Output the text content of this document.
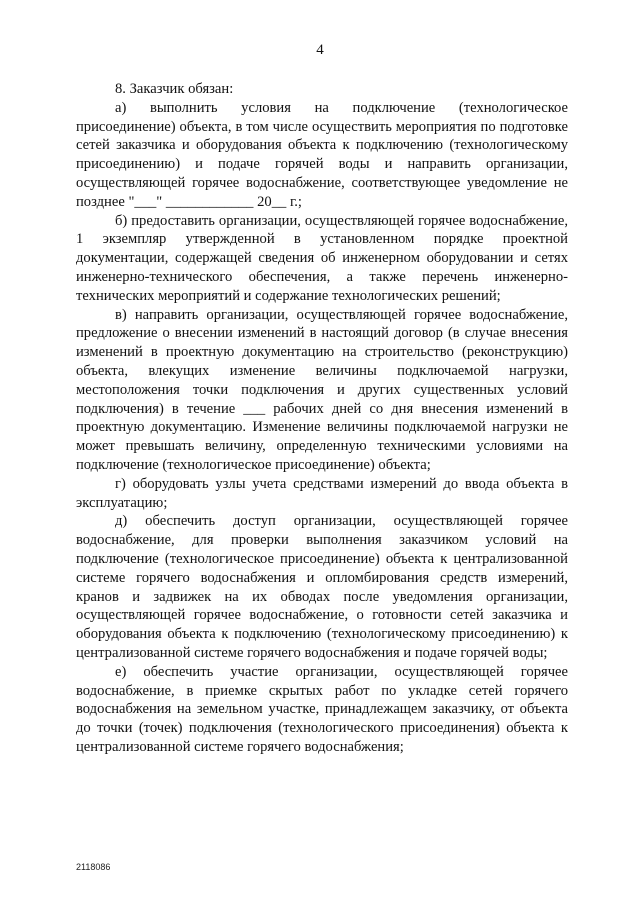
4

8. Заказчик обязан:

а) выполнить условия на подключение (технологическое присоединение) объекта, в том числе осуществить мероприятия по подготовке сетей заказчика и оборудования объекта к подключению (технологическому присоединению) и подаче горячей воды и направить организации, осуществляющей горячее водоснабжение, соответствующее уведомление не позднее "___" ____________ 20__ г.;

б) предоставить организации, осуществляющей горячее водоснабжение, 1 экземпляр утвержденной в установленном порядке проектной документации, содержащей сведения об инженерном оборудовании и сетях инженерно-технического обеспечения, а также перечень инженерно-технических мероприятий и содержание технологических решений;

в) направить организации, осуществляющей горячее водоснабжение, предложение о внесении изменений в настоящий договор (в случае внесения изменений в проектную документацию на строительство (реконструкцию) объекта, влекущих изменение величины подключаемой нагрузки, местоположения точки подключения и других существенных условий подключения) в течение ___ рабочих дней со дня внесения изменений в проектную документацию. Изменение величины подключаемой нагрузки не может превышать величину, определенную техническими условиями на подключение (технологическое присоединение) объекта;

г) оборудовать узлы учета средствами измерений до ввода объекта в эксплуатацию;

д) обеспечить доступ организации, осуществляющей горячее водоснабжение, для проверки выполнения заказчиком условий на подключение (технологическое присоединение) объекта к централизованной системе горячего водоснабжения и опломбирования средств измерений, кранов и задвижек на их обводах после уведомления организации, осуществляющей горячее водоснабжение, о готовности сетей заказчика и оборудования объекта к подключению (технологическому присоединению) к централизованной системе горячего водоснабжения и подаче горячей воды;

е) обеспечить участие организации, осуществляющей горячее водоснабжение, в приемке скрытых работ по укладке сетей горячего водоснабжения на земельном участке, принадлежащем заказчику, от объекта до точки (точек) подключения (технологического присоединения) объекта к централизованной системе горячего водоснабжения;

2118086
